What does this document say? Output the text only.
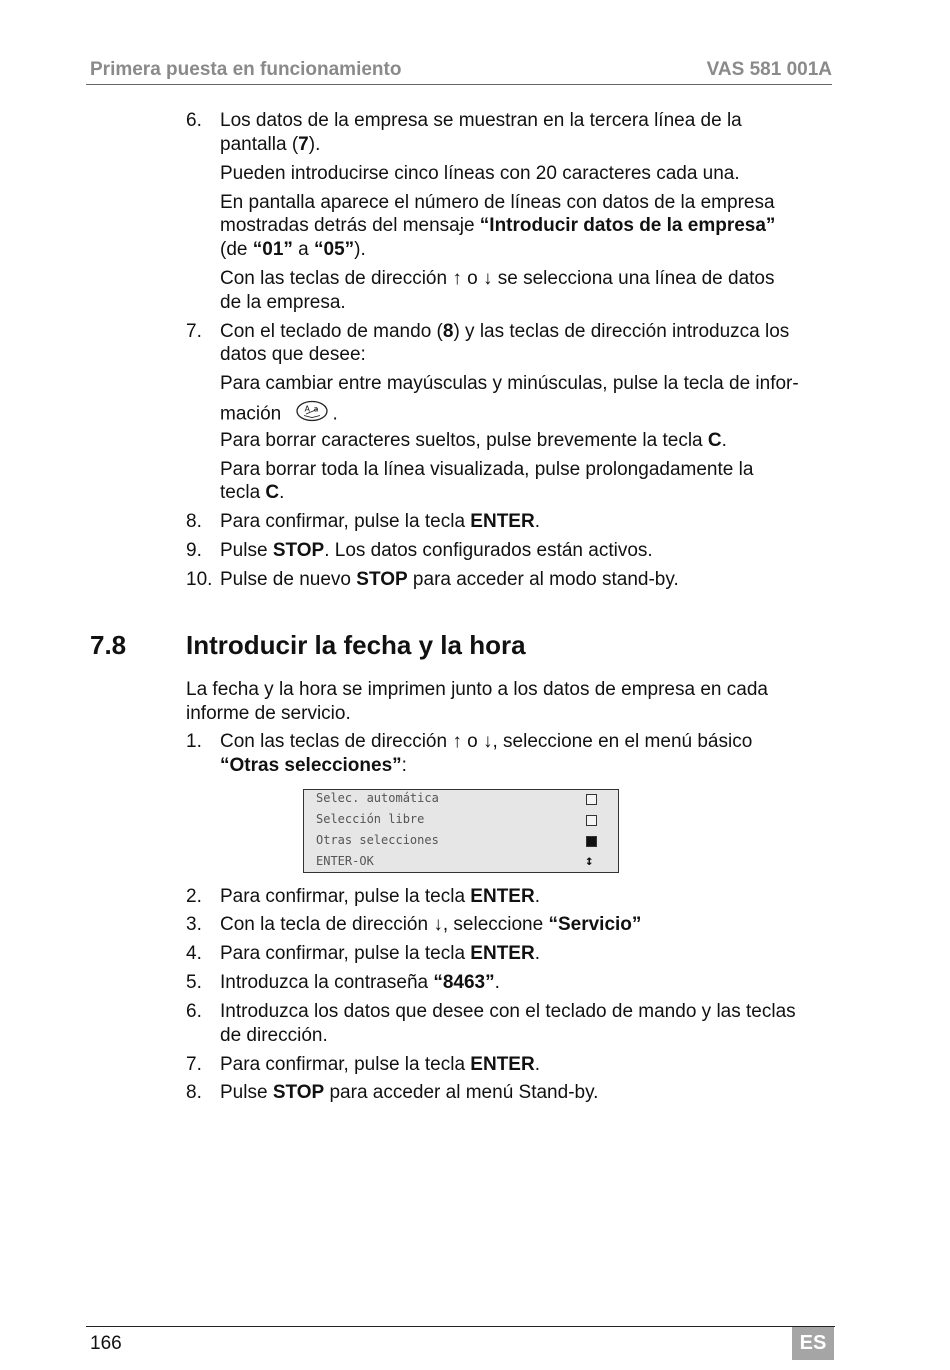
Primera puesta en funcionamiento	VAS 581 001A
6. Los datos de la empresa se muestran en la tercera línea de la
pantalla (7).
Pueden introducirse cinco líneas con 20 caracteres cada una.
En pantalla aparece el número de líneas con datos de la empresa
mostradas detrás del mensaje “Introducir datos de la empresa”
(de “01” a “05”).
Con las teclas de dirección ↑ o ↓ se selecciona una línea de datos
de la empresa.
7. Con el teclado de mando (8) y las teclas de dirección introduzca los
datos que desee:
Para cambiar entre mayúsculas y minúsculas, pulse la tecla de infor-
mación	A a .
Para borrar caracteres sueltos, pulse brevemente la tecla C.
Para borrar toda la línea visualizada, pulse prolongadamente la
tecla C.
8. Para confirmar, pulse la tecla ENTER.
9. Pulse STOP. Los datos configurados están activos.
10. Pulse de nuevo STOP para acceder al modo stand-by.
7.8 Introducir la fecha y la hora
La fecha y la hora se imprimen junto a los datos de empresa en cada
informe de servicio.
1. Con las teclas de dirección ↑ o ↓, seleccione en el menú básico
“Otras selecciones”:
Selec. automática
Selección libre
Otras selecciones
ENTER-OK	↕
2. Para confirmar, pulse la tecla ENTER.
3. Con la tecla de dirección ↓, seleccione “Servicio”
4. Para confirmar, pulse la tecla ENTER.
5. Introduzca la contraseña “8463”.
6. Introduzca los datos que desee con el teclado de mando y las teclas
de dirección.
7. Para confirmar, pulse la tecla ENTER.
8. Pulse STOP para acceder al menú Stand-by.
166	ES
